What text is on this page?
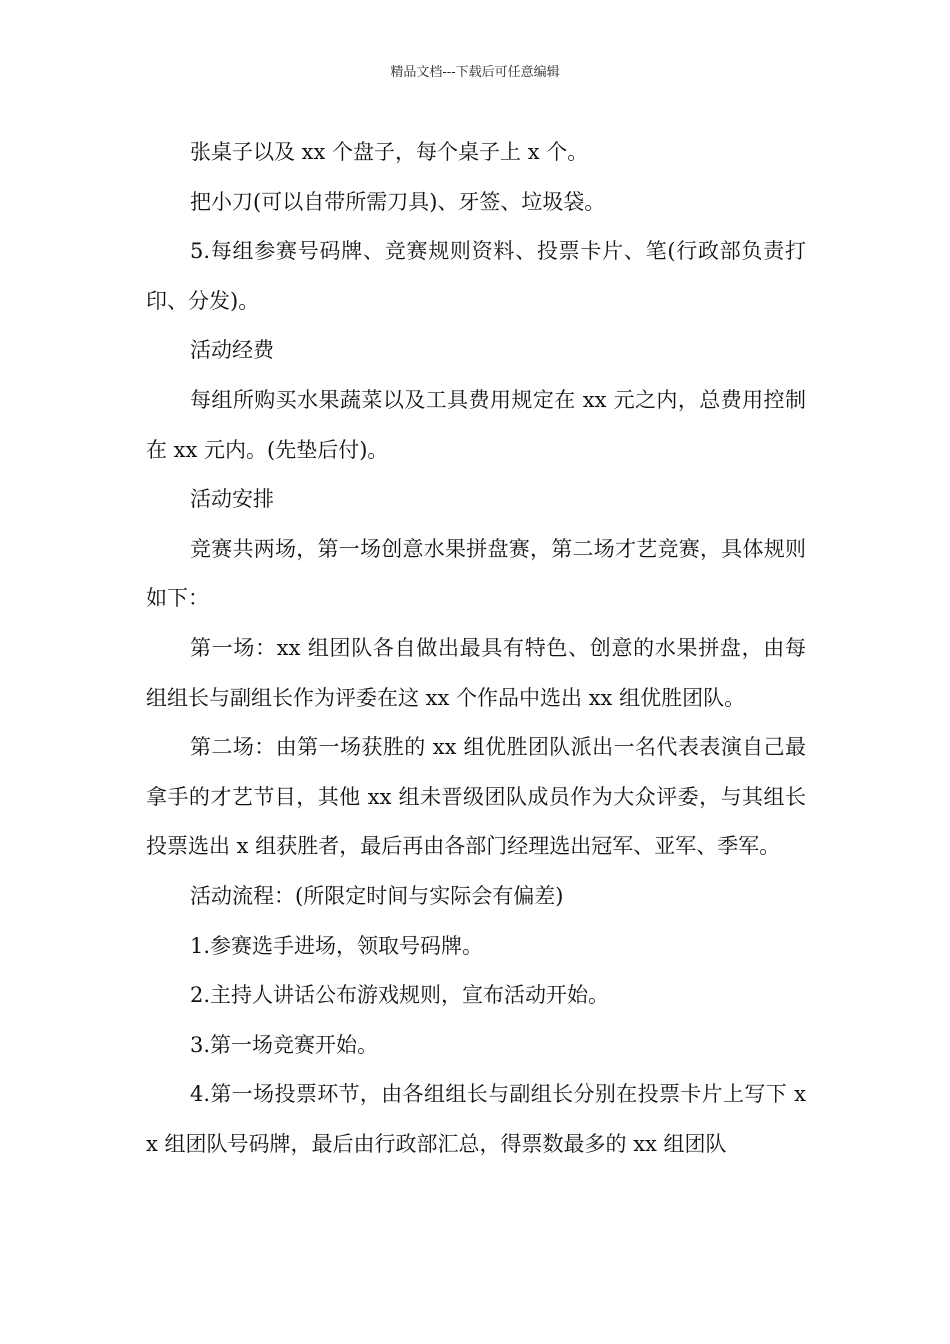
精品文档---下载后可任意编辑

张桌子以及 xx 个盘子，每个桌子上 x 个。

把小刀(可以自带所需刀具)、牙签、垃圾袋。

5.每组参赛号码牌、竞赛规则资料、投票卡片、笔(行政部负责打印、分发)。

活动经费

每组所购买水果蔬菜以及工具费用规定在 xx 元之内，总费用控制在 xx 元内。(先垫后付)。

活动安排

竞赛共两场，第一场创意水果拼盘赛，第二场才艺竞赛，具体规则如下：

第一场：xx 组团队各自做出最具有特色、创意的水果拼盘，由每组组长与副组长作为评委在这 xx 个作品中选出 xx 组优胜团队。

第二场：由第一场获胜的 xx 组优胜团队派出一名代表表演自己最拿手的才艺节目，其他 xx 组未晋级团队成员作为大众评委，与其组长投票选出 x 组获胜者，最后再由各部门经理选出冠军、亚军、季军。

活动流程：(所限定时间与实际会有偏差)

1.参赛选手进场，领取号码牌。

2.主持人讲话公布游戏规则，宣布活动开始。

3.第一场竞赛开始。

4.第一场投票环节，由各组组长与副组长分别在投票卡片上写下 xx 组团队号码牌，最后由行政部汇总，得票数最多的 xx 组团队
